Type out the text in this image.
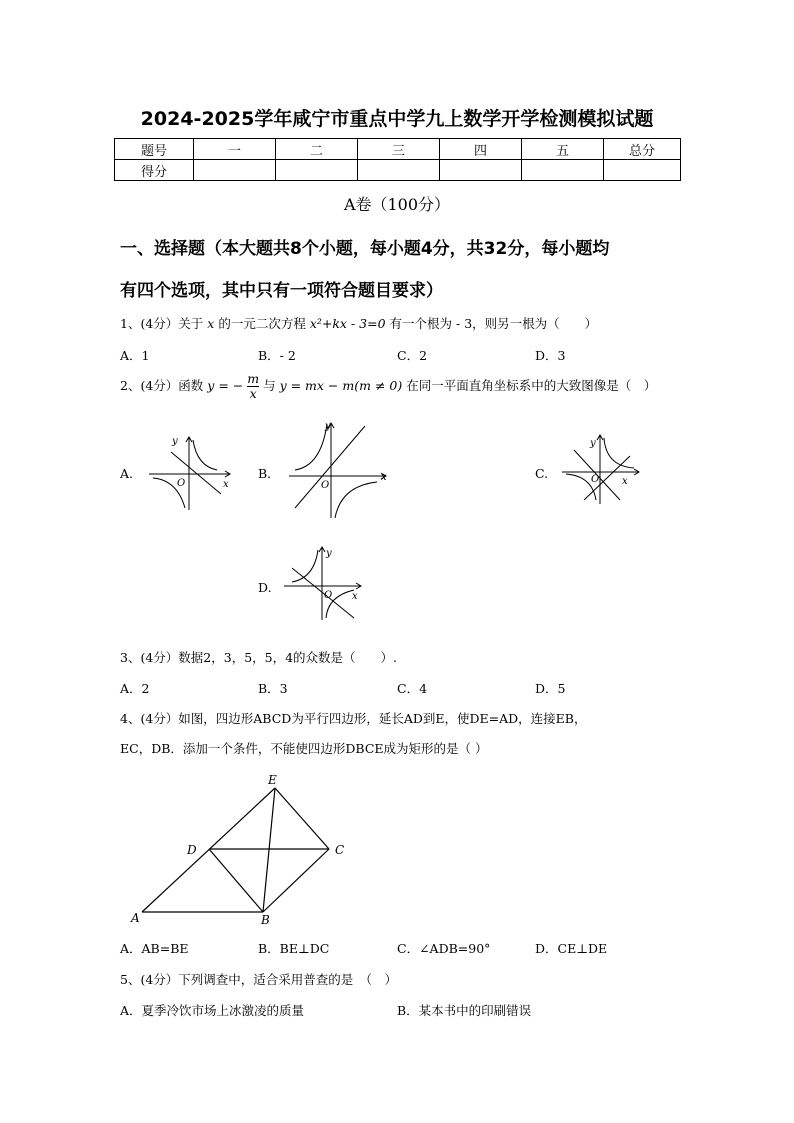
2024-2025学年咸宁市重点中学九上数学开学检测模拟试题
题号	一	二	三	四	五	总分
得分						
A卷（100分）
一、选择题（本大题共8个小题，每小题4分，共32分，每小题均
有四个选项，其中只有一项符合题目要求）
1、(4分）关于 x 的一元二次方程 x²+kx - 3=0 有一个根为 - 3，则另一根为（　　）
A．1	B．- 2	C．2	D．3
2、(4分）函数 y = − $\frac{m}{x}$ 与 y = mx − m(m ≠ 0) 在同一平面直角坐标系中的大致图像是（　）
A.	B.	C.
D.
y
x
O
y
x
O
y
x
O
y
x
O
3、(4分）数据2，3，5，5，4的众数是（　　）.
A．2	B．3	C．4	D．5
4、(4分）如图，四边形ABCD为平行四边形，延长AD到E，使DE=AD，连接EB，
EC，DB．添加一个条件，不能使四边形DBCE成为矩形的是（ ）
E
D	C
A	B
A．AB=BE	B．BE⊥DC	C．∠ADB=90°	D．CE⊥DE
5、(4分）下列调查中，适合采用普查的是　（　）
A．夏季冷饮市场上冰激凌的质量	B．某本书中的印刷错误
